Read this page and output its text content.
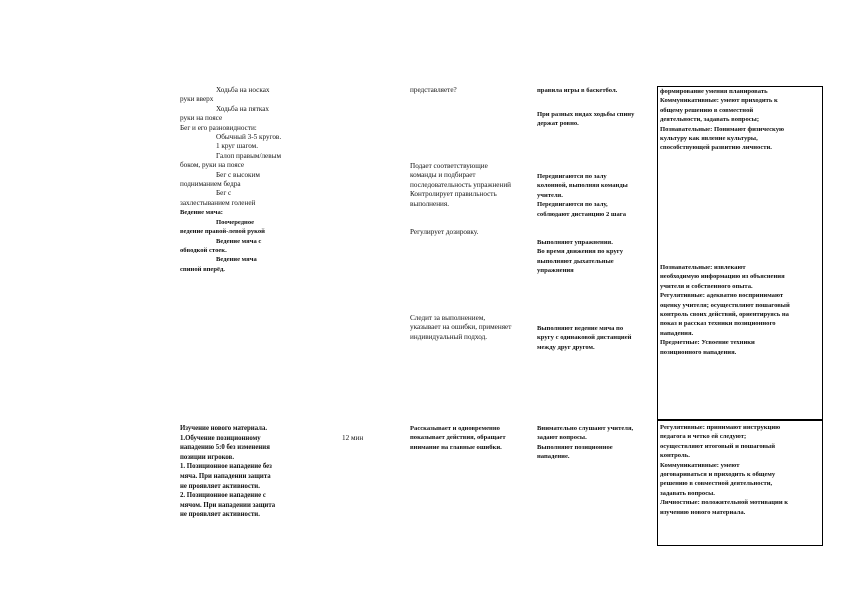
Ходьба на носках
руки вверх
Ходьба на пятках
руки на поясе
Бег и его разновидности:
Обычный 3-5 кругов.
1 круг шагом.
Галоп правым/левым
боком, руки на поясе
Бег с высоким
подниманием бедра
Бег с
захлестыванием голеней
Ведение мяча:
Поочередное
ведение правой-левой рукой
Ведение мяча с
обводкой стоек.
Ведение мяча
спиной вперёд.
Изучение нового материала.
1.Обучение позиционному
нападению 5:0 без изменения
позиции игроков.
1. Позиционное нападение без
мяча. При нападении защита
не проявляет активности.
2. Позиционное нападение с
мячом. При нападении защита
не проявляет активности.
12 мин
представляете?
Подает соответствующие
команды и подбирает
последовательность упражнений
Контролирует правильность
выполнения.
Регулирует дозировку.
Следит за выполнением,
указывает на ошибки, применяет
индивидуальный подход.
Рассказывает и одновременно
показывает действия, обращает
внимание на главные ошибки.
правила игры в баскетбол.
При разных видах ходьбы спину
держат ровно.
Передвигаются по залу
колонной, выполняя команды
учителя.
Передвигаются по залу,
соблюдают дистанцию 2 шага
Выполняют упражнения.
Во время движения по кругу
выполняют дыхательные
упражнения
Выполняют ведение мяча по
кругу с одинаковой дистанцией
между друг другом.
Внимательно слушают учителя,
задают вопросы.
Выполняют позиционное
нападение.
формирование умения планировать
Коммуникативные: умеют приходить к
общему решению в совместной
деятельности, задавать вопросы;
Познавательные: Понимают физическую
культуру как явление культуры,
способствующей развитию личности.
Познавательные: извлекают
необходимую информацию из объяснения
учителя и собственного опыта.
Регулятивные: адекватно воспринимают
оценку учителя; осуществляют пошаговый
контроль своих действий, ориентируясь на
показ и рассказ техники позиционного
нападения.
Предметные: Усвоение техники
позиционного нападения.
Регулятивные: принимают инструкцию
педагога и четко ей следуют;
осуществляют итоговый и пошаговый
контроль.
Коммуникативные: умеют
договариваться и приходить к общему
решению в совместной деятельности,
задавать вопросы.
Личностные: положительной мотивации к
изучению нового материала.
